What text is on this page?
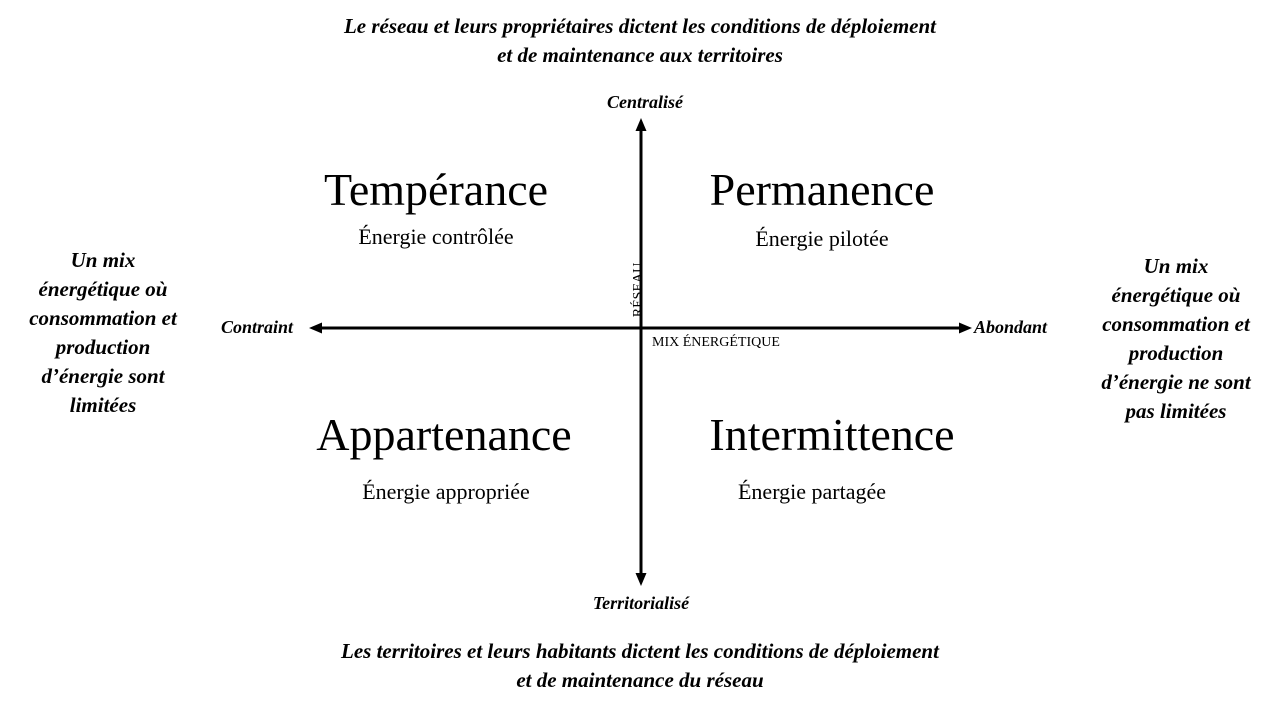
Le réseau et leurs propriétaires dictent les conditions de déploiement
et de maintenance aux territoires
Un mix
énergétique où
consommation et
production
d’énergie sont
limitées
Un mix
énergétique où
consommation et
production
d’énergie ne sont
pas limitées
Centralisé
Territorialisé
Contraint	Abondant
MIX ÉNERGÉTIQUE
RÉSEAU
Tempérance
Énergie contrôlée
Permanence
Énergie pilotée
Appartenance
Énergie appropriée
Intermittence
Énergie partagée
Les territoires et leurs habitants dictent les conditions de déploiement
et de maintenance du réseau
